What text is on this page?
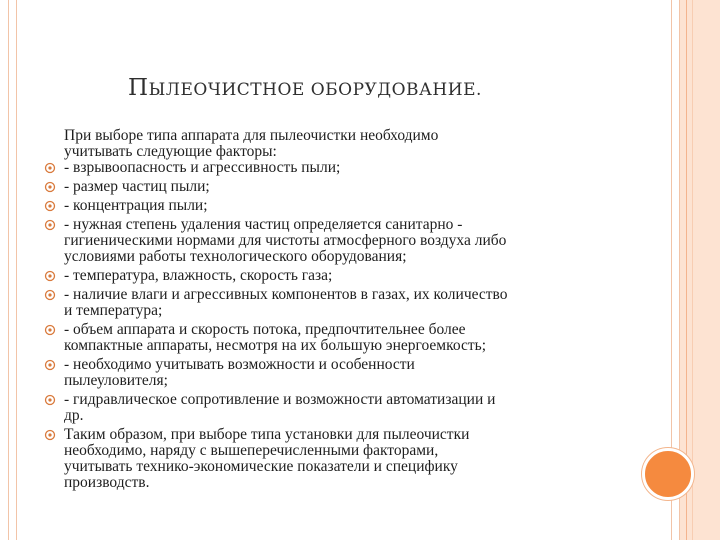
ПЫЛЕОЧИСТНОЕ ОБОРУДОВАНИЕ.

При выборе типа аппарата для пылеочистки необходимо
учитывать следующие факторы:

- взрывоопасность и агрессивность пыли;
- размер частиц пыли;
- концентрация пыли;
- нужная степень удаления частиц определяется санитарно -
гигиеническими нормами для чистоты атмосферного воздуха либо
условиями работы технологического оборудования;
- температура, влажность, скорость газа;
- наличие влаги и агрессивных компонентов в газах, их количество
и температура;
- объем аппарата и скорость потока, предпочтительнее более
компактные аппараты, несмотря на их большую энергоемкость;
- необходимо учитывать возможности и особенности
пылеуловителя;
- гидравлическое сопротивление и возможности автоматизации и
др.
Таким образом, при выборе типа установки для пылеочистки
необходимо, наряду с вышеперечисленными факторами,
учитывать технико-экономические показатели и специфику
производств.
